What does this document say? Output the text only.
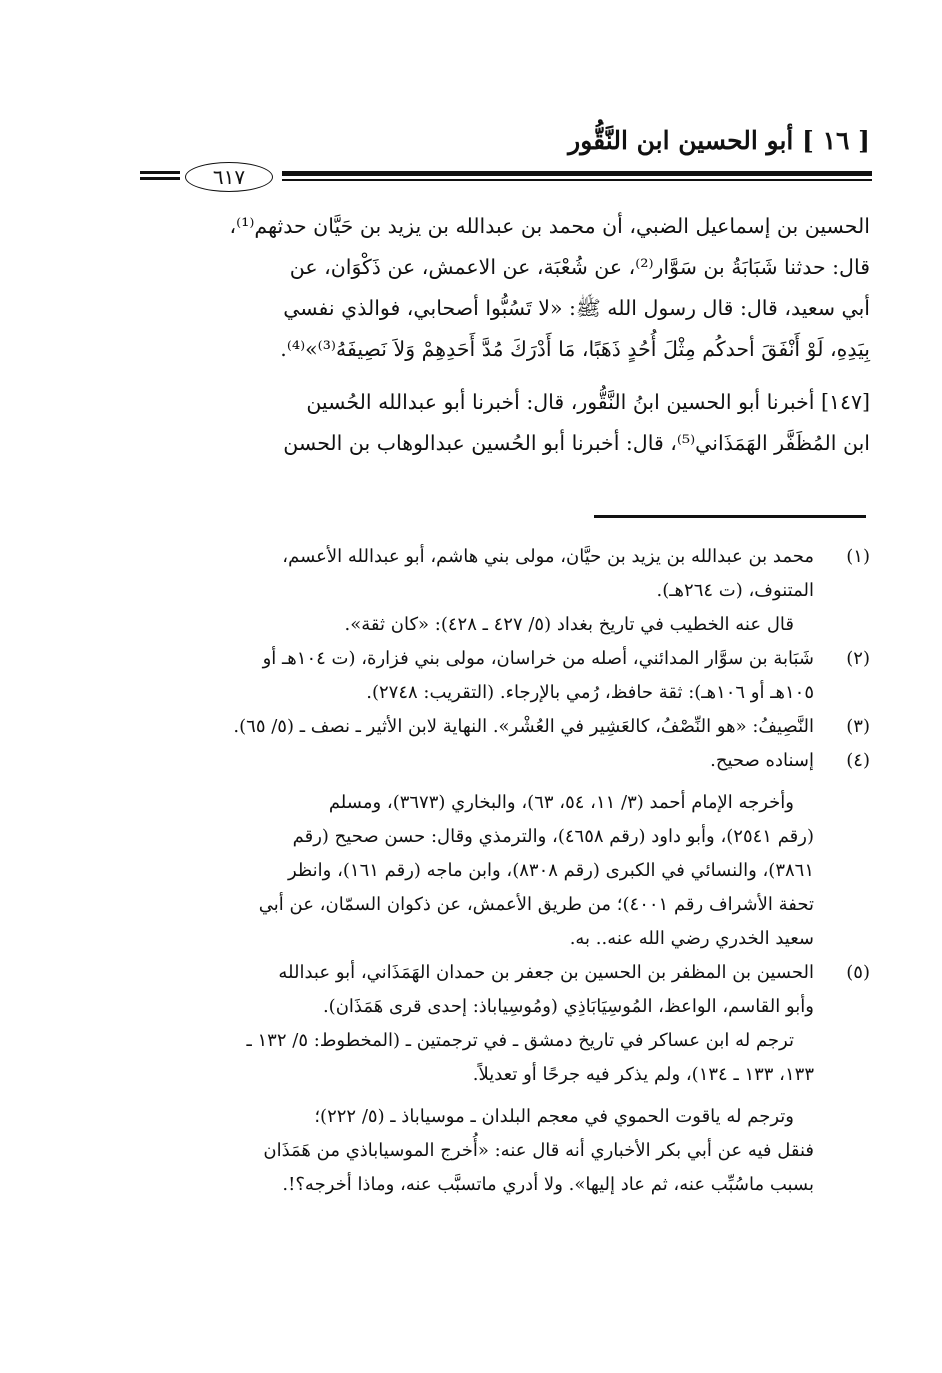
[ ١٦ ] أبو الحسين ابن النَّقُّور
٦١٧
الحسين بن إسماعيل الضبي، أن محمد بن عبدالله بن يزيد بن حَيَّان حدثهم⁽¹⁾،
قال: حدثنا شَبَابَةُ بن سَوَّار⁽²⁾، عن شُعْبَة، عن الاعمش، عن ذَكْوَان، عن
أبي سعيد، قال: قال رسول الله ﷺ: «لا تَسُبُّوا أصحابي، فوالذي نفسي
بِيَدِهِ، لَوْ أَنْفَقَ أحدكُم مِثْلَ أُحُدٍ ذَهَبًا، مَا أَدْرَكَ مُدَّ أَحَدِهِمْ وَلاَ نَصِيفَهُ⁽³⁾»⁽⁴⁾.
[١٤٧] أخبرنا أبو الحسين ابنُ النَّقُّور، قال: أخبرنا أبو عبدالله الحُسين
ابن المُظَفَّر الهَمَذَاني⁽⁵⁾، قال: أخبرنا أبو الحُسين عبدالوهاب بن الحسن
(١)
محمد بن عبدالله بن يزيد بن حيَّان، مولى بني هاشم، أبو عبدالله الأعسم،
المتنوف، (ت ٢٦٤هـ).
قال عنه الخطيب في تاريخ بغداد (٥/ ٤٢٧ ـ ٤٢٨): «كان ثقة».
(٢)
شَبَابة بن سوَّار المدائني، أصله من خراسان، مولى بني فزارة، (ت ١٠٤هـ أو
١٠٥هـ أو ١٠٦هـ): ثقة حافظ، رُمي بالإرجاء. (التقريب: ٢٧٤٨).
(٣)
النَّصِيفُ: «هو النِّصْفُ، كالعَشِير في العُشْر». النهاية لابن الأثير ـ نصف ـ (٥/ ٦٥).
(٤)
إسناده صحيح.
وأخرجه الإمام أحمد (٣/ ١١، ٥٤، ٦٣)، والبخاري (٣٦٧٣)، ومسلم
(رقم ٢٥٤١)، وأبو داود (رقم ٤٦٥٨)، والترمذي وقال: حسن صحيح (رقم
٣٨٦١)، والنسائي في الكبرى (رقم ٨٣٠٨)، وابن ماجه (رقم ١٦١)، وانظر
تحفة الأشراف رقم ٤٠٠١)؛ من طريق الأعمش، عن ذكوان السمّان، عن أبي
سعيد الخدري رضي الله عنه.. به.
(٥)
الحسين بن المظفر بن الحسين بن جعفر بن حمدان الهَمَذَاني، أبو عبدالله
وأبو القاسم، الواعظ، المُوسِيَابَاذِي (ومُوسِياباذ: إحدى قرى هَمَذَان).
ترجم له ابن عساكر في تاريخ دمشق ـ في ترجمتين ـ (المخطوط: ٥/ ١٣٢ ـ
١٣٣، ١٣٣ ـ ١٣٤)، ولم يذكر فيه جرحًا أو تعديلاً.
وترجم له ياقوت الحموي في معجم البلدان ـ موسياباذ ـ (٥/ ٢٢٢)؛
فنقل فيه عن أبي بكر الأخباري أنه قال عنه: «أُخرج الموسياباذي من هَمَذَان
بسبب ماسُبِّب عنه، ثم عاد إليها». ولا أدري ماتسبَّب عنه، وماذا أخرجه؟!.
